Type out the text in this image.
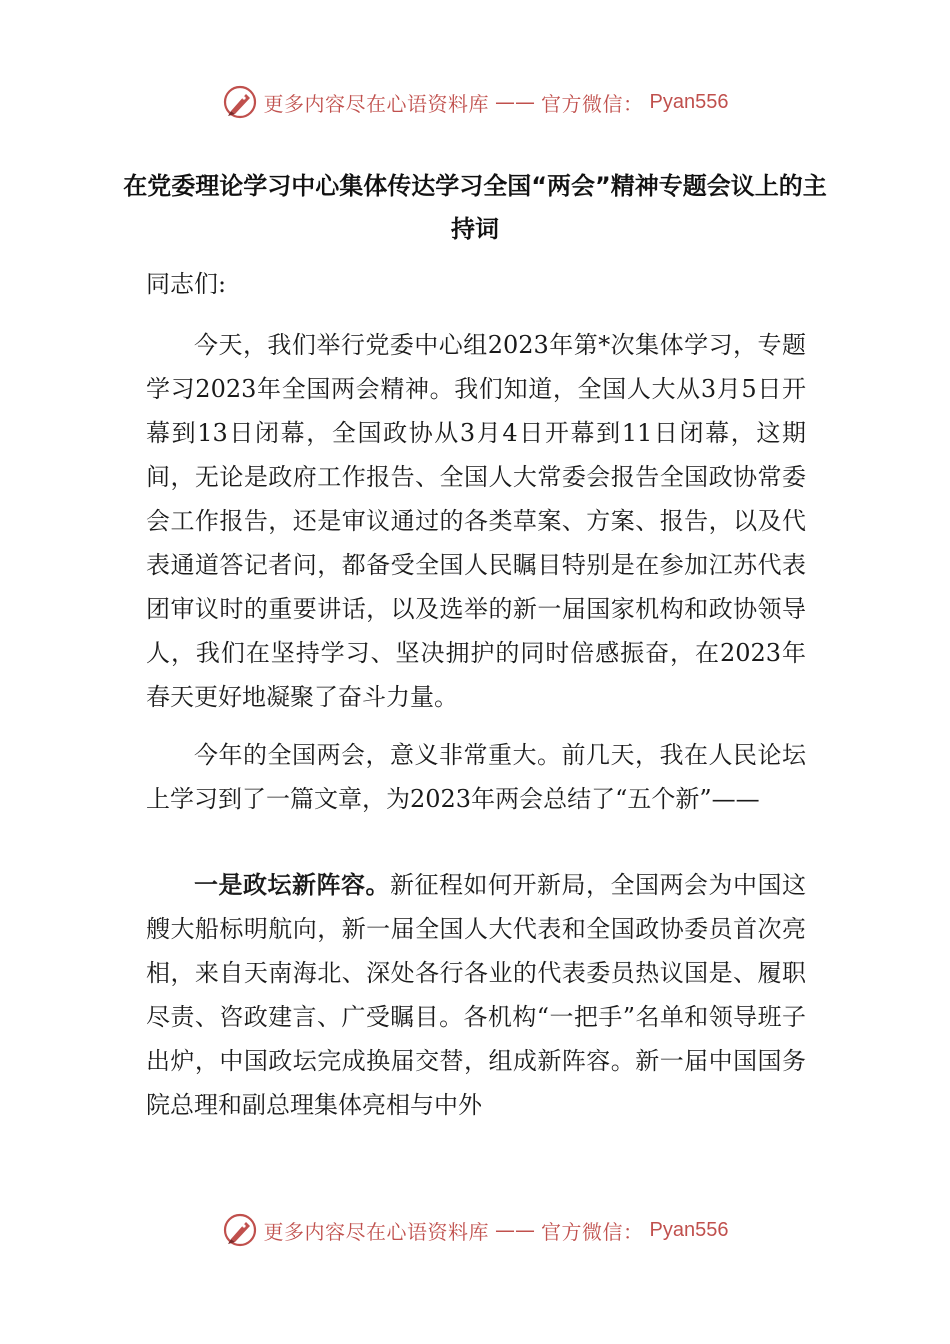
更多内容尽在心语资料库 —— 官方微信： Pyan556
在党委理论学习中心集体传达学习全国“两会”精神专题会议上的主持词
同志们:

今天，我们举行党委中心组2023年第*次集体学习，专题学习2023年全国两会精神。我们知道，全国人大从3月5日开幕到13日闭幕，全国政协从3月4日开幕到11日闭幕，这期间，无论是政府工作报告、全国人大常委会报告全国政协常委会工作报告，还是审议通过的各类草案、方案、报告，以及代表通道答记者问，都备受全国人民瞩目特别是在参加江苏代表团审议时的重要讲话，以及选举的新一届国家机构和政协领导人，我们在坚持学习、坚决拥护的同时倍感振奋，在2023年春天更好地凝聚了奋斗力量。

今年的全国两会，意义非常重大。前几天，我在人民论坛上学习到了一篇文章，为2023年两会总结了“五个新”——

一是政坛新阵容。新征程如何开新局，全国两会为中国这艘大船标明航向，新一届全国人大代表和全国政协委员首次亮相，来自天南海北、深处各行各业的代表委员热议国是、履职尽责、咨政建言、广受瞩目。各机构“一把手”名单和领导班子出炉，中国政坛完成换届交替，组成新阵容。新一届中国国务院总理和副总理集体亮相与中外

更多内容尽在心语资料库 —— 官方微信： Pyan556
